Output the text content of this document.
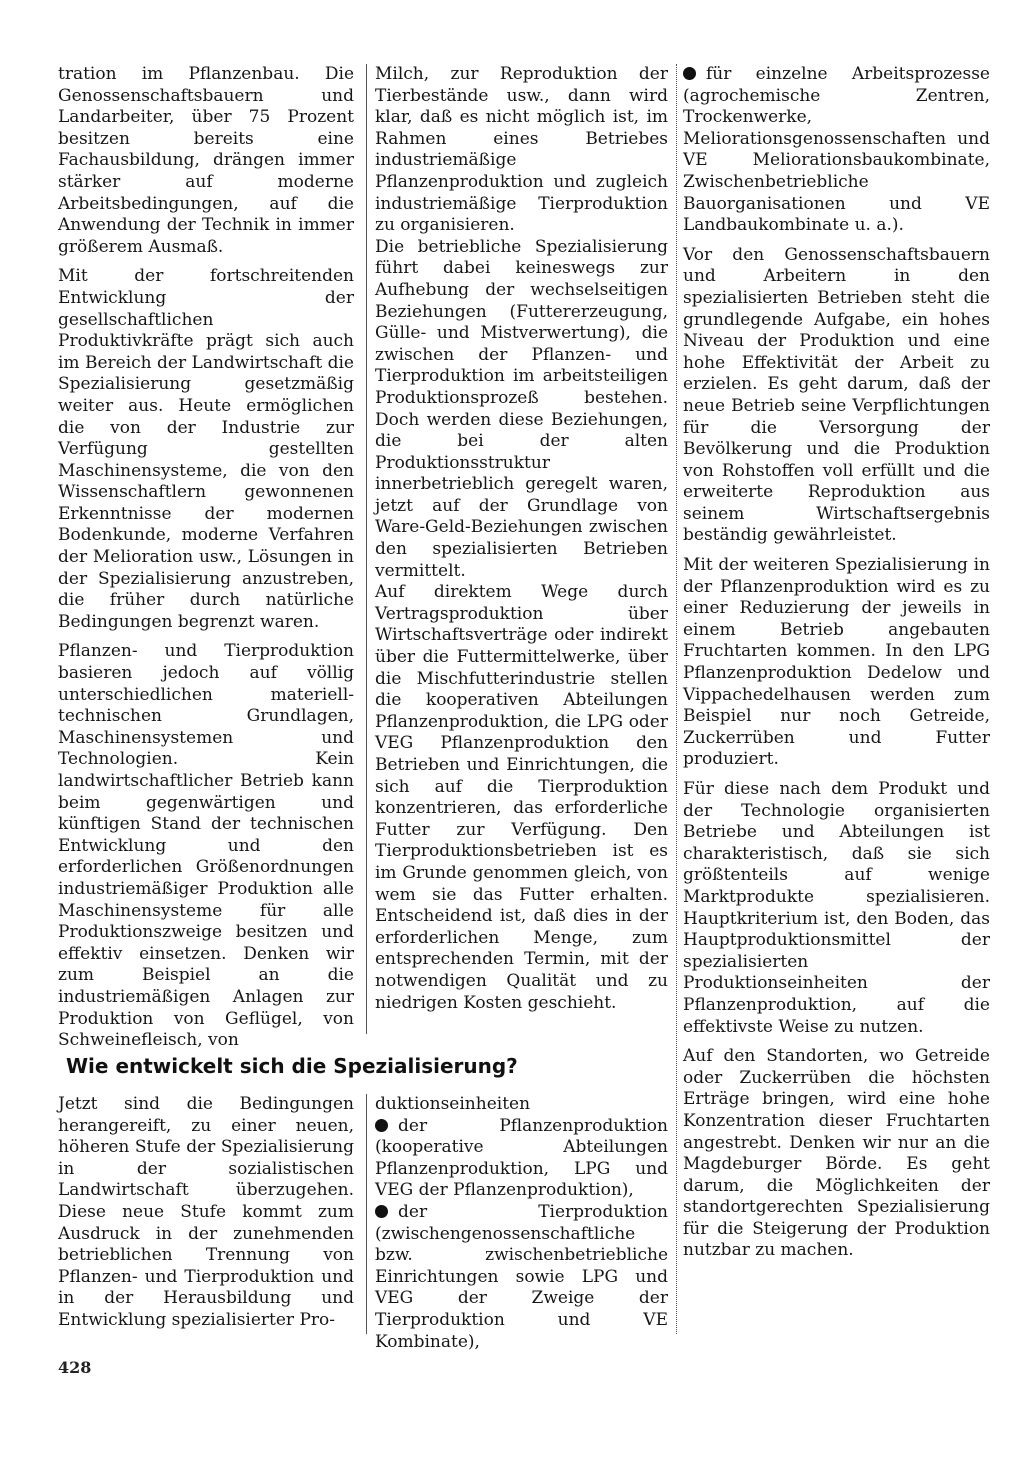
tration im Pflanzenbau. Die Genossenschaftsbauern und Landarbeiter, über 75 Prozent besitzen bereits eine Fachausbildung, drängen immer stärker auf moderne Arbeitsbedingungen, auf die Anwendung der Technik in immer größerem Ausmaß.

Mit der fortschreitenden Entwicklung der gesellschaftlichen Produktivkräfte prägt sich auch im Bereich der Landwirtschaft die Spezialisierung gesetzmäßig weiter aus. Heute ermöglichen die von der Industrie zur Verfügung gestellten Maschinensysteme, die von den Wissenschaftlern gewonnenen Erkenntnisse der modernen Bodenkunde, moderne Verfahren der Melioration usw., Lösungen in der Spezialisierung anzustreben, die früher durch natürliche Bedingungen begrenzt waren.

Pflanzen- und Tierproduktion basieren jedoch auf völlig unterschiedlichen materiell-technischen Grundlagen, Maschinensystemen und Technologien. Kein landwirtschaftlicher Betrieb kann beim gegenwärtigen und künftigen Stand der technischen Entwicklung und den erforderlichen Größenordnungen industriemäßiger Produktion alle Maschinensysteme für alle Produktionszweige besitzen und effektiv einsetzen. Denken wir zum Beispiel an die industriemäßigen Anlagen zur Produktion von Geflügel, von Schweinefleisch, von

Milch, zur Reproduktion der Tierbestände usw., dann wird klar, daß es nicht möglich ist, im Rahmen eines Betriebes industriemäßige Pflanzenproduktion und zugleich industriemäßige Tierproduktion zu organisieren.

Die betriebliche Spezialisierung führt dabei keineswegs zur Aufhebung der wechselseitigen Beziehungen (Futtererzeugung, Gülle- und Mistverwertung), die zwischen der Pflanzen- und Tierproduktion im arbeitsteiligen Produktionsprozeß bestehen. Doch werden diese Beziehungen, die bei der alten Produktionsstruktur innerbetrieblich geregelt waren, jetzt auf der Grundlage von Ware-Geld-Beziehungen zwischen den spezialisierten Betrieben vermittelt.

Auf direktem Wege durch Vertragsproduktion über Wirtschaftsverträge oder indirekt über die Futtermittelwerke, über die Mischfutterindustrie stellen die kooperativen Abteilungen Pflanzenproduktion, die LPG oder VEG Pflanzenproduktion den Betrieben und Einrichtungen, die sich auf die Tierproduktion konzentrieren, das erforderliche Futter zur Verfügung. Den Tierproduktionsbetrieben ist es im Grunde genommen gleich, von wem sie das Futter erhalten. Entscheidend ist, daß dies in der erforderlichen Menge, zum entsprechenden Termin, mit der notwendigen Qualität und zu niedrigen Kosten geschieht.

für einzelne Arbeitsprozesse (agrochemische Zentren, Trockenwerke, Meliorationsgenossenschaften und VE Meliorationsbaukombinate, Zwischenbetriebliche Bauorganisationen und VE Landbaukombinate u. a.).

Vor den Genossenschaftsbauern und Arbeitern in den spezialisierten Betrieben steht die grundlegende Aufgabe, ein hohes Niveau der Produktion und eine hohe Effektivität der Arbeit zu erzielen. Es geht darum, daß der neue Betrieb seine Verpflichtungen für die Versorgung der Bevölkerung und die Produktion von Rohstoffen voll erfüllt und die erweiterte Reproduktion aus seinem Wirtschaftsergebnis beständig gewährleistet.

Mit der weiteren Spezialisierung in der Pflanzenproduktion wird es zu einer Reduzierung der jeweils in einem Betrieb angebauten Fruchtarten kommen. In den LPG Pflanzenproduktion Dedelow und Vippachedelhausen werden zum Beispiel nur noch Getreide, Zuckerrüben und Futter produziert.

Für diese nach dem Produkt und der Technologie organisierten Betriebe und Abteilungen ist charakteristisch, daß sie sich größtenteils auf wenige Marktprodukte spezialisieren. Hauptkriterium ist, den Boden, das Hauptproduktionsmittel der spezialisierten Produktionseinheiten der Pflanzenproduktion, auf die effektivste Weise zu nutzen.

Auf den Standorten, wo Getreide oder Zuckerrüben die höchsten Erträge bringen, wird eine hohe Konzentration dieser Fruchtarten angestrebt. Denken wir nur an die Magdeburger Börde. Es geht darum, die Möglichkeiten der standortgerechten Spezialisierung für die Steigerung der Produktion nutzbar zu machen.

Wie entwickelt sich die Spezialisierung?

Jetzt sind die Bedingungen herangereift, zu einer neuen, höheren Stufe der Spezialisierung in der sozialistischen Landwirtschaft überzugehen. Diese neue Stufe kommt zum Ausdruck in der zunehmenden betrieblichen Trennung von Pflanzen- und Tierproduktion und in der Herausbildung und Entwicklung spezialisierter Pro-

duktionseinheiten

der Pflanzenproduktion (kooperative Abteilungen Pflanzenproduktion, LPG und VEG der Pflanzenproduktion),

der Tierproduktion (zwischengenossenschaftliche bzw. zwischenbetriebliche Einrichtungen sowie LPG und VEG der Zweige der Tierproduktion und VE Kombinate),

428
